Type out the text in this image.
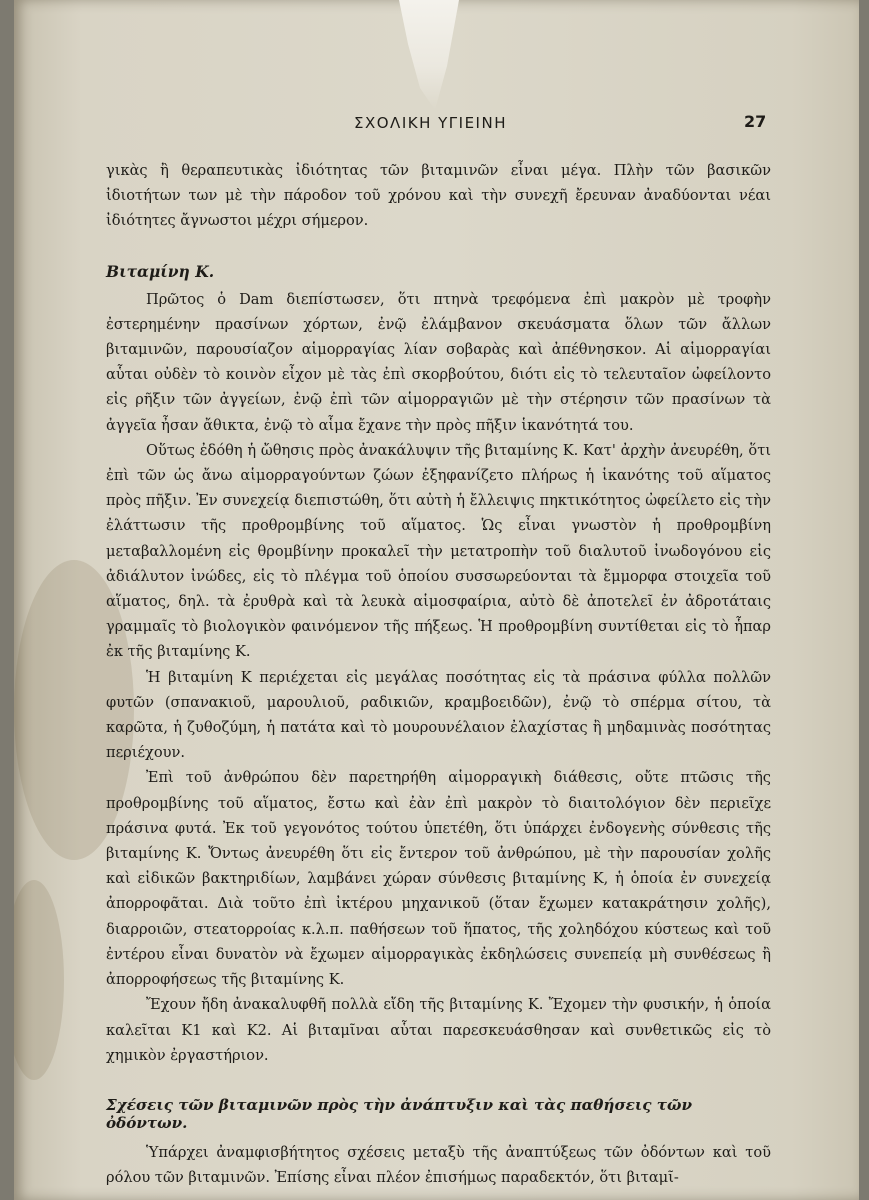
ΣΧΟΛΙΚΗ ΥΓΙΕΙΝΗ	27

γικὰς ἢ θεραπευτικὰς ἰδιότητας τῶν βιταμινῶν εἶναι μέγα. Πλὴν τῶν βασικῶν ἰδιοτήτων των μὲ τὴν πάροδον τοῦ χρόνου καὶ τὴν συνεχῆ ἔρευναν ἀναδύονται νέαι ἰδιότητες ἄγνωστοι μέχρι σήμερον.

Βιταμίνη Κ.

Πρῶτος ὁ Dam διεπίστωσεν, ὅτι πτηνὰ τρεφόμενα ἐπὶ μακρὸν μὲ τροφὴν ἐστερημένην πρασίνων χόρτων, ἐνῷ ἐλάμβανον σκευάσματα ὅλων τῶν ἄλλων βιταμινῶν, παρουσίαζον αἱμορραγίας λίαν σοβαρὰς καὶ ἀπέθνησκον. Αἱ αἱμορραγίαι αὗται οὐδὲν τὸ κοινὸν εἶχον μὲ τὰς ἐπὶ σκορβούτου, διότι εἰς τὸ τελευταῖον ὠφείλοντο εἰς ρῆξιν τῶν ἀγγείων, ἐνῷ ἐπὶ τῶν αἱμορραγιῶν μὲ τὴν στέρησιν τῶν πρασίνων τὰ ἀγγεῖα ἦσαν ἄθικτα, ἐνῷ τὸ αἷμα ἔχανε τὴν πρὸς πῆξιν ἱκανότητά του.

Οὕτως ἐδόθη ἡ ὤθησις πρὸς ἀνακάλυψιν τῆς βιταμίνης Κ. Κατ' ἀρχὴν ἀνευρέθη, ὅτι ἐπὶ τῶν ὡς ἄνω αἱμορραγούντων ζώων ἐξηφανίζετο πλήρως ἡ ἱκανότης τοῦ αἵματος πρὸς πῆξιν. Ἐν συνεχείᾳ διεπιστώθη, ὅτι αὐτὴ ἡ ἔλλειψις πηκτικότητος ὠφείλετο εἰς τὴν ἐλάττωσιν τῆς προθρομβίνης τοῦ αἵματος. Ὡς εἶναι γνωστὸν ἡ προθρομβίνη μεταβαλλομένη εἰς θρομβίνην προκαλεῖ τὴν μετατροπὴν τοῦ διαλυτοῦ ἰνωδογόνου εἰς ἀδιάλυτον ἰνώδες, εἰς τὸ πλέγμα τοῦ ὁποίου συσσωρεύονται τὰ ἔμμορφα στοιχεῖα τοῦ αἵματος, δηλ. τὰ ἐρυθρὰ καὶ τὰ λευκὰ αἱμοσφαίρια, αὐτὸ δὲ ἀποτελεῖ ἐν ἀδροτάταις γραμμαῖς τὸ βιολογικὸν φαινόμενον τῆς πήξεως. Ἡ προθρομβίνη συντίθεται εἰς τὸ ἧπαρ ἐκ τῆς βιταμίνης Κ.

Ἡ βιταμίνη Κ περιέχεται εἰς μεγάλας ποσότητας εἰς τὰ πράσινα φύλλα πολλῶν φυτῶν (σπανακιοῦ, μαρουλιοῦ, ραδικιῶν, κραμβοειδῶν), ἐνῷ τὸ σπέρμα σίτου, τὰ καρῶτα, ἡ ζυθοζύμη, ἡ πατάτα καὶ τὸ μουρουνέλαιον ἐλαχίστας ἢ μηδαμινὰς ποσότητας περιέχουν.

Ἐπὶ τοῦ ἀνθρώπου δὲν παρετηρήθη αἱμορραγικὴ διάθεσις, οὔτε πτῶσις τῆς προθρομβίνης τοῦ αἵματος, ἔστω καὶ ἐὰν ἐπὶ μακρὸν τὸ διαιτολόγιον δὲν περιεῖχε πράσινα φυτά. Ἐκ τοῦ γεγονότος τούτου ὑπετέθη, ὅτι ὑπάρχει ἐνδογενὴς σύνθεσις τῆς βιταμίνης Κ. Ὄντως ἀνευρέθη ὅτι εἰς ἔντερον τοῦ ἀνθρώπου, μὲ τὴν παρουσίαν χολῆς καὶ εἰδικῶν βακτηριδίων, λαμβάνει χώραν σύνθεσις βιταμίνης Κ, ἡ ὁποία ἐν συνεχείᾳ ἀπορροφᾶται. Διὰ τοῦτο ἐπὶ ἰκτέρου μηχανικοῦ (ὅταν ἔχωμεν κατακράτησιν χολῆς), διαρροιῶν, στεατορροίας κ.λ.π. παθήσεων τοῦ ἥπατος, τῆς χοληδόχου κύστεως καὶ τοῦ ἐντέρου εἶναι δυνατὸν νὰ ἔχωμεν αἱμορραγικὰς ἐκδηλώσεις συνεπείᾳ μὴ συνθέσεως ἢ ἀπορροφήσεως τῆς βιταμίνης Κ.

Ἔχουν ἤδη ἀνακαλυφθῆ πολλὰ εἴδη τῆς βιταμίνης Κ. Ἔχομεν τὴν φυσικήν, ἡ ὁποία καλεῖται Κ1 καὶ Κ2. Αἱ βιταμῖναι αὗται παρεσκευάσθησαν καὶ συνθετικῶς εἰς τὸ χημικὸν ἐργαστήριον.

Σχέσεις τῶν βιταμινῶν πρὸς τὴν ἀνάπτυξιν καὶ τὰς παθήσεις τῶν ὀδόντων.

Ὑπάρχει ἀναμφισβήτητος σχέσεις μεταξὺ τῆς ἀναπτύξεως τῶν ὀδόντων καὶ τοῦ ρόλου τῶν βιταμινῶν. Ἐπίσης εἶναι πλέον ἐπισήμως παραδεκτόν, ὅτι βιταμῖ-
